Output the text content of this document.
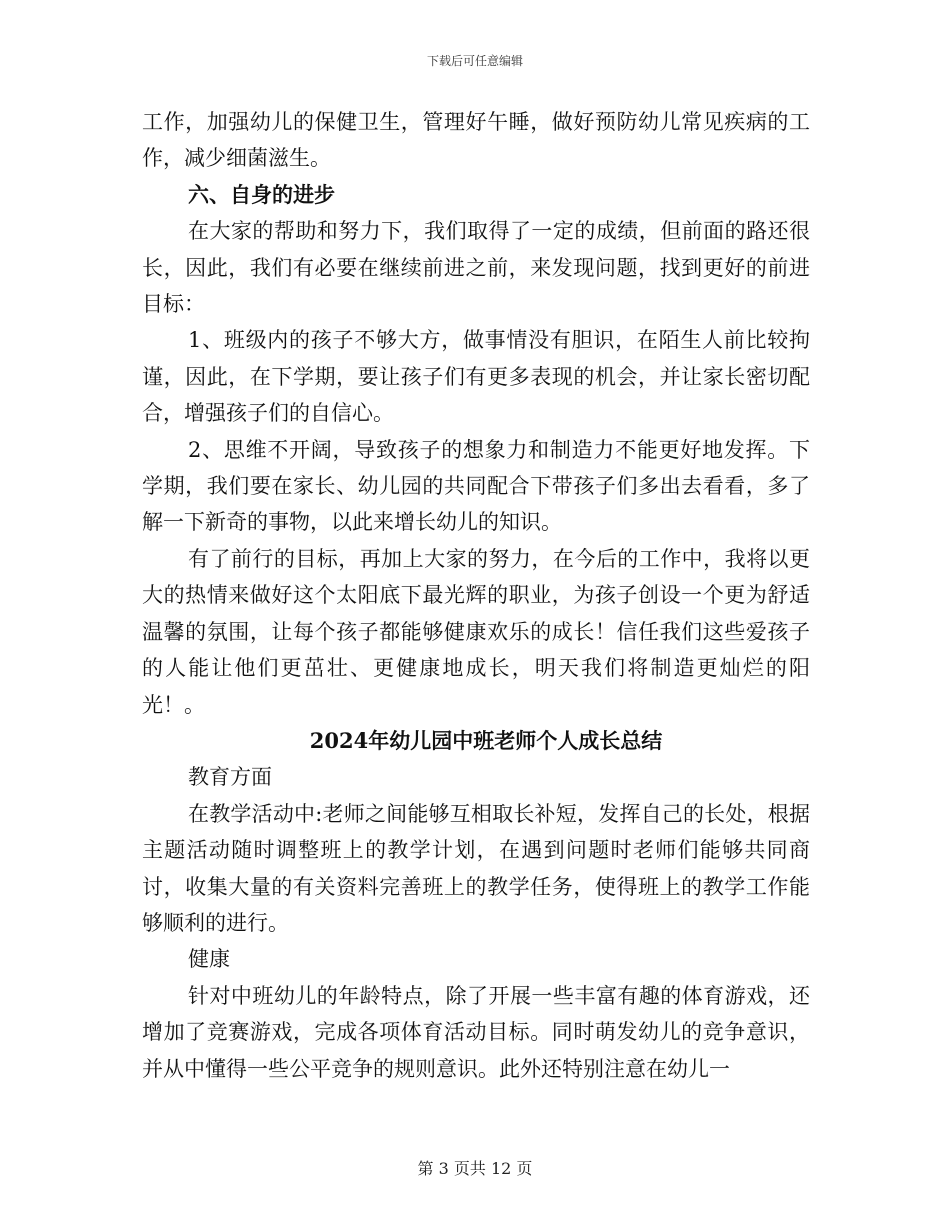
下载后可任意编辑

工作，加强幼儿的保健卫生，管理好午睡，做好预防幼儿常见疾病的工作，减少细菌滋生。

六、自身的进步

在大家的帮助和努力下，我们取得了一定的成绩，但前面的路还很长，因此，我们有必要在继续前进之前，来发现问题，找到更好的前进目标：

1、班级内的孩子不够大方，做事情没有胆识，在陌生人前比较拘谨，因此，在下学期，要让孩子们有更多表现的机会，并让家长密切配合，增强孩子们的自信心。

2、思维不开阔，导致孩子的想象力和制造力不能更好地发挥。下学期，我们要在家长、幼儿园的共同配合下带孩子们多出去看看，多了解一下新奇的事物，以此来增长幼儿的知识。

有了前行的目标，再加上大家的努力，在今后的工作中，我将以更大的热情来做好这个太阳底下最光辉的职业，为孩子创设一个更为舒适温馨的氛围，让每个孩子都能够健康欢乐的成长！信任我们这些爱孩子的人能让他们更茁壮、更健康地成长，明天我们将制造更灿烂的阳光！。

2024年幼儿园中班老师个人成长总结

教育方面

在教学活动中:老师之间能够互相取长补短，发挥自己的长处，根据主题活动随时调整班上的教学计划，在遇到问题时老师们能够共同商讨，收集大量的有关资料完善班上的教学任务，使得班上的教学工作能够顺利的进行。

健康

针对中班幼儿的年龄特点，除了开展一些丰富有趣的体育游戏，还增加了竞赛游戏，完成各项体育活动目标。同时萌发幼儿的竞争意识，并从中懂得一些公平竞争的规则意识。此外还特别注意在幼儿一

第 3 页共 12 页
